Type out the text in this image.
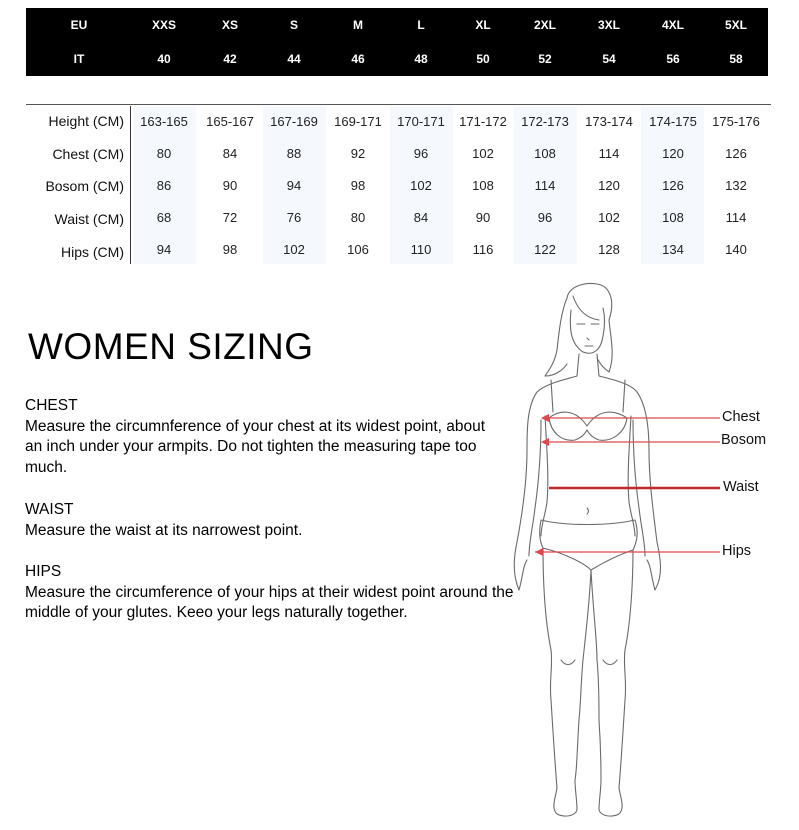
EU	XXS	XS	S	M	L	XL	2XL	3XL	4XL	5XL
IT	40	42	44	46	48	50	52	54	56	58
Height (CM)	163-165	165-167	167-169	169-171	170-171	171-172	172-173	173-174	174-175	175-176
Chest (CM)	80	84	88	92	96	102	108	114	120	126
Bosom (CM)	86	90	94	98	102	108	114	120	126	132
Waist (CM)	68	72	76	80	84	90	96	102	108	114
Hips (CM)	94	98	102	106	110	116	122	128	134	140
WOMEN SIZING
CHEST
Measure the circumnference of your chest at its widest point, about an inch under your armpits. Do not tighten the measuring tape too much.
WAIST
Measure the waist at its narrowest point.
HIPS
Measure the circumference of your hips at their widest point around the middle of your glutes. Keeo your legs naturally together.
Chest
Bosom
Waist
Hips
